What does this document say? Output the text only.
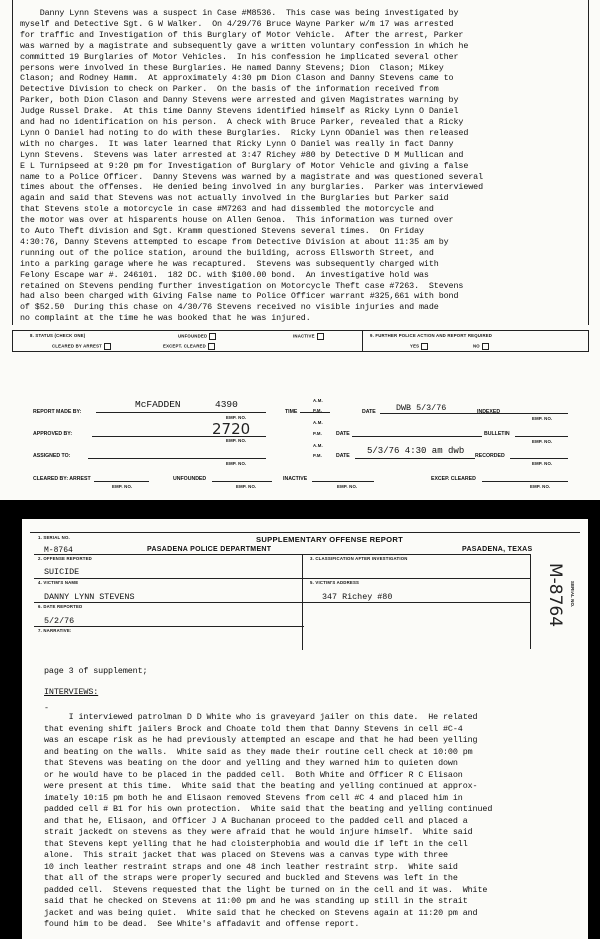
Danny Lynn Stevens was a suspect in Case #M8536.  This case was being investigated by
myself and Detective Sgt. G W Walker.  On 4/29/76 Bruce Wayne Parker w/m 17 was arrested
for traffic and Investigation of this Burglary of Motor Vehicle.  After the arrest, Parker
was warned by a magistrate and subsequently gave a written voluntary confession in which he
committed 19 Burglaries of Motor Vehicles.  In his confession he implicated several other
persons were involved in these Burglaries. He named Danny Stevens; Dion  Clason; Mikey
Clason; and Rodney Hamm.  At approximately 4:30 pm Dion Clason and Danny Stevens came to
Detective Division to check on Parker.  On the basis of the information received from
Parker, both Dion Clason and Danny Stevens were arrested and given Magistrates warning by
Judge Russel Drake.  At this time Danny Stevens identified himself as Ricky Lynn O Daniel
and had no identification on his person.  A check with Bruce Parker, revealed that a Ricky
Lynn O Daniel had noting to do with these Burglaries.  Ricky Lynn ODaniel was then released
with no charges.  It was later learned that Ricky Lynn O Daniel was really in fact Danny
Lynn Stevens.  Stevens was later arrested at 3:47 Richey #80 by Detective D M Mullican and
E L Turnipseed at 9:20 pm for Investigation of Burglary of Motor Vehicle and giving a false
name to a Police Officer.  Danny Stevens was warned by a magistrate and was questioned several
times about the offenses.  He denied being involved in any burglaries.  Parker was interviewed
again and said that Stevens was not actually involved in the Burglaries but Parker said
that Stevens stole a motorcycle in case #M7263 and had dissembled the motorcycle and
the motor was over at hisparents house on Allen Genoa.  This information was turned over
to Auto Theft division and Sgt. Kramm questioned Stevens several times.  On Friday
4:30:76, Danny Stevens attempted to escape from Detective Division at about 11:35 am by
running out of the police station, around the building, across Ellsworth Street, and
into a parking garage where he was recaptured.  Stevens was subsequently charged with
Felony Escape war #. 246101.  182 DC. with $100.00 bond.  An investigative hold was
retained on Stevens pending further investigation on Motorcycle Theft case #7263.  Stevens
had also been charged with Giving False name to Police Officer warrant #325,661 with bond
of $52.50  During this chase on 4/30/76 Stevens received no visible injuries and made
no complaint at the time he was booked that he was injured.
8. STATUS (CHECK ONE)	UNFOUNDED	INACTIVE
CLEARED BY ARREST	EXCEPT. CLEARED
9. FURTHER POLICE ACTION AND REPORT REQUIRED
YES	NO
REPORT MADE BY:
McFADDEN	4390
EMP. NO.
TIME
A.M.
P.M.	DATE DWB 5/3/76	INDEXED
EMP. NO.
A.M.
APPROVED BY:	2720
EMP. NO.
P.M.	DATE	BULLETIN
EMP. NO.
A.M.
ASSIGNED TO:
EMP. NO.
P.M.	DATE 5/3/76 4:30 am dwb RECORDED
EMP. NO.
CLEARED BY: ARREST
EMP. NO.
UNFOUNDED
EMP. NO.
INACTIVE
EMP. NO.
EXCEP. CLEARED
EMP. NO.
1. SERIAL NO.	SUPPLEMENTARY OFFENSE REPORT
M-8764	PASADENA POLICE DEPARTMENT	PASADENA, TEXAS
2. OFFENSE REPORTED	3. CLASSIFICATION AFTER INVESTIGATION
SUICIDE
4. VICTIM'S NAME	5. VICTIM'S ADDRESS
DANNY LYNN STEVENS	347 Richey #80
6. DATE REPORTED
5/2/76
7. NARRATIVE:
SERIAL NO.
M-8764
page 3 of supplement;
INTERVIEWS:
-
I interviewed patrolman D D White who is graveyard jailer on this date.  He related
that evening shift jailers Brock and Choate told them that Danny Stevens in cell #C-4
was an escape risk as he had previously attempted an escape and that he had been yelling
and beating on the walls.  White said as they made their routine cell check at 10:00 pm
that Stevens was beating on the door and yelling and they warned him to quieten down
or he would have to be placed in the padded cell.  Both White and Officer R C Elisaon
were present at this time.  White said that the beating and yelling continued at approx-
imately 10:15 pm both he and Elisaon removed Stevens from cell #C 4 and placed him in
padded cell # B1 for his own protection.  White said that the beating and yelling continued
and that he, Elisaon, and Officer J A Buchanan proceed to the padded cell and placed a
strait jackedt on stevens as they were afraid that he would injure himself.  White said
that Stevens kept yelling that he had cloisterphobia and would die if left in the cell
alone.  This strait jacket that was placed on Stevens was a canvas type with three
10 inch leather restraint straps and one 48 inch leather restraint strp.  White said
that all of the straps were properly secured and buckled and Stevens was left in the
padded cell.  Stevens requested that the light be turned on in the cell and it was.  White
said that he checked on Stevens at 11:00 pm and he was standing up still in the strait
jacket and was being quiet.  White said that he checked on Stevens again at 11:20 pm and
found him to be dead.  See White's affadavit and offense report.
